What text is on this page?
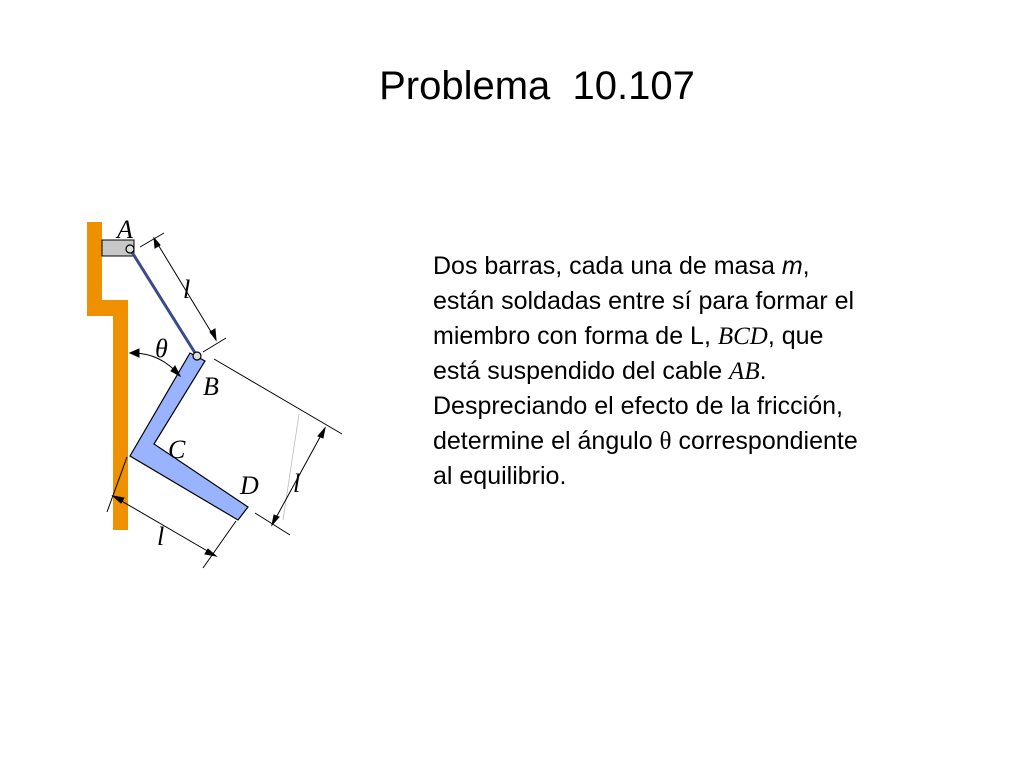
Problema  10.107
A
l
θ
B
C
D l
l
Dos barras, cada una de masa m,
están soldadas entre sí para formar el
miembro con forma de L, BCD, que
está suspendido del cable AB.
Despreciando el efecto de la fricción,
determine el ángulo θ correspondiente
al equilibrio.
